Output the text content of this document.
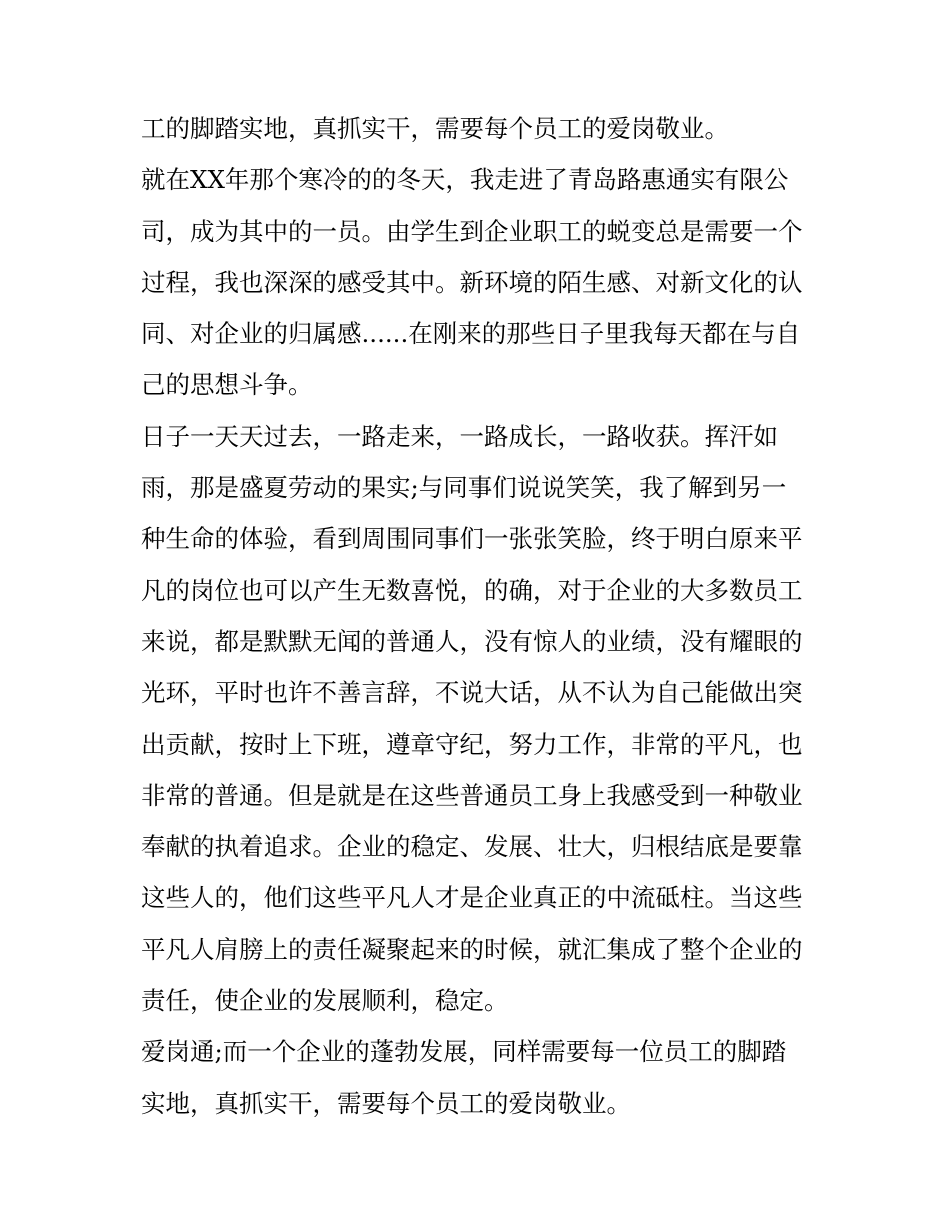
工的脚踏实地，真抓实干，需要每个员工的爱岗敬业。
就在XX年那个寒冷的的冬天，我走进了青岛路惠通实有限公
司，成为其中的一员。由学生到企业职工的蜕变总是需要一个
过程，我也深深的感受其中。新环境的陌生感、对新文化的认
同、对企业的归属感......在刚来的那些日子里我每天都在与自
己的思想斗争。
日子一天天过去，一路走来，一路成长，一路收获。挥汗如
雨，那是盛夏劳动的果实;与同事们说说笑笑，我了解到另一
种生命的体验，看到周围同事们一张张笑脸，终于明白原来平
凡的岗位也可以产生无数喜悦，的确，对于企业的大多数员工
来说，都是默默无闻的普通人，没有惊人的业绩，没有耀眼的
光环，平时也许不善言辞，不说大话，从不认为自己能做出突
出贡献，按时上下班，遵章守纪，努力工作，非常的平凡，也
非常的普通。但是就是在这些普通员工身上我感受到一种敬业
奉献的执着追求。企业的稳定、发展、壮大，归根结底是要靠
这些人的，他们这些平凡人才是企业真正的中流砥柱。当这些
平凡人肩膀上的责任凝聚起来的时候，就汇集成了整个企业的
责任，使企业的发展顺利，稳定。
爱岗通;而一个企业的蓬勃发展，同样需要每一位员工的脚踏
实地，真抓实干，需要每个员工的爱岗敬业。
